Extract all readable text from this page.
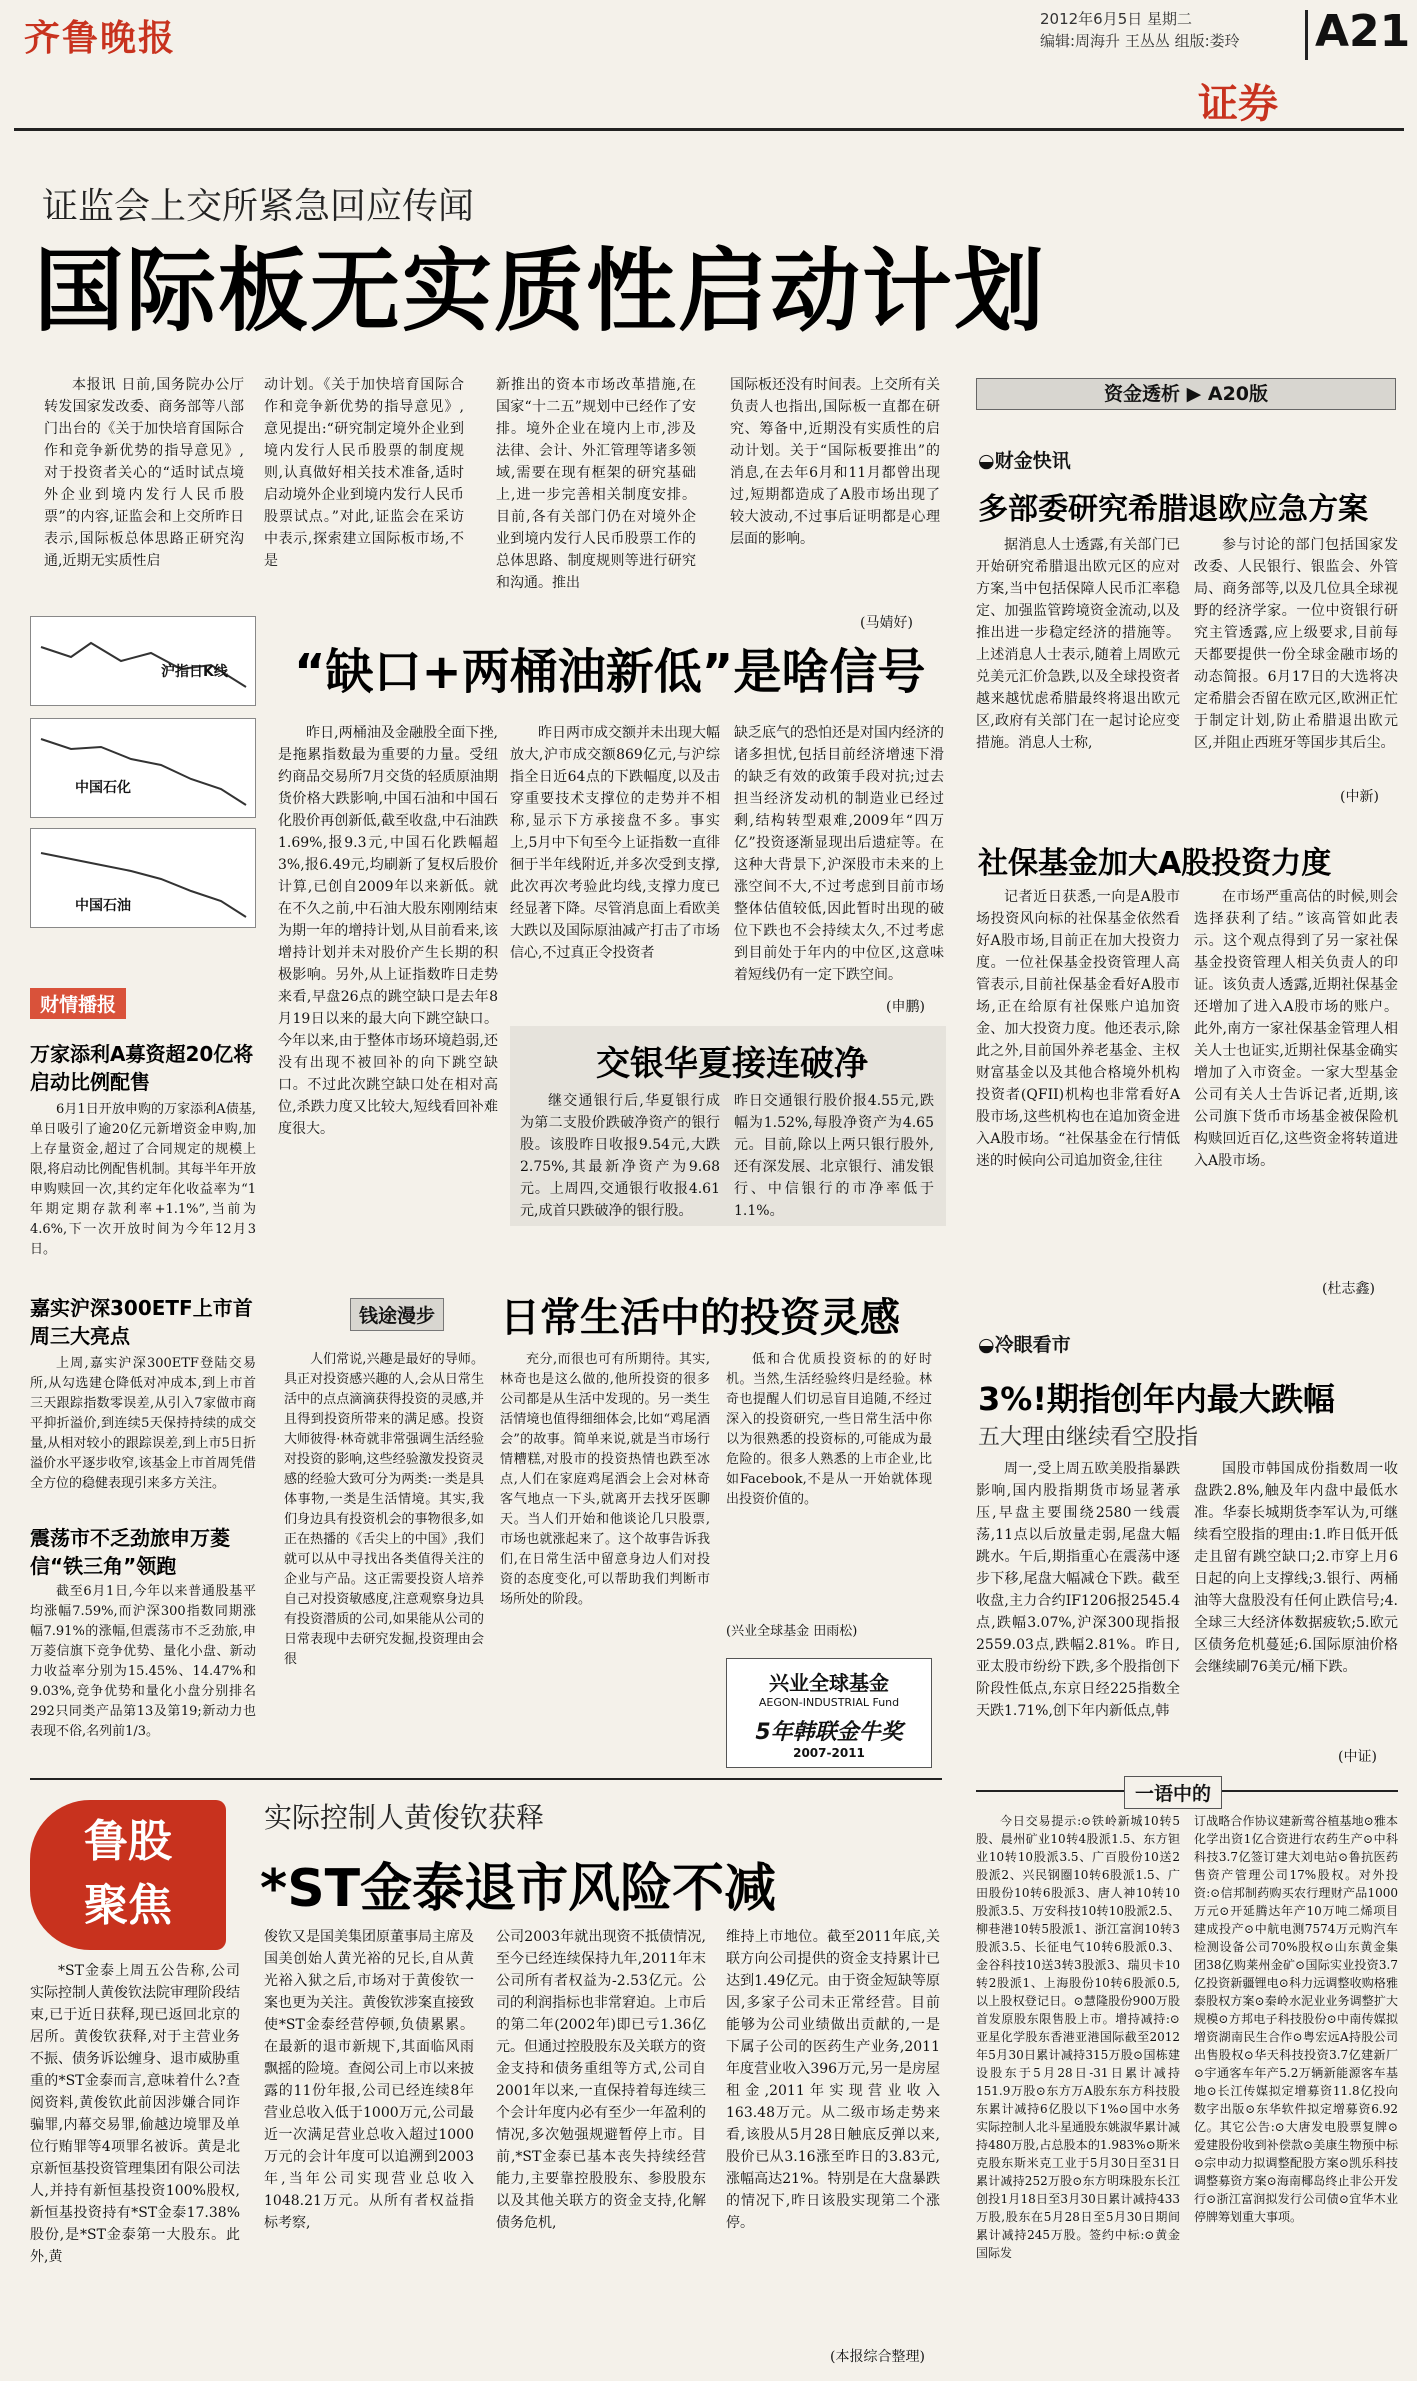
齐鲁晚报	2012年6月5日 星期二
编辑:周海升 王丛丛 组版:娄玲 A21
证券
证监会上交所紧急回应传闻
国际板无实质性启动计划
本报讯 日前,国务院办公厅转发国家发改委、商务部等八部门出台的《关于加快培育国际合作和竞争新优势的指导意见》,对于投资者关心的“适时试点境外企业到境内发行人民币股票”的内容,证监会和上交所昨日表示,国际板总体思路正研究沟通,近期无实质性启
动计划。《关于加快培育国际合作和竞争新优势的指导意见》,意见提出:“研究制定境外企业到境内发行人民币股票的制度规则,认真做好相关技术准备,适时启动境外企业到境内发行人民币股票试点。”对此,证监会在采访中表示,探索建立国际板市场,不是
新推出的资本市场改革措施,在国家“十二五”规划中已经作了安排。境外企业在境内上市,涉及法律、会计、外汇管理等诸多领域,需要在现有框架的研究基础上,进一步完善相关制度安排。目前,各有关部门仍在对境外企业到境内发行人民币股票工作的总体思路、制度规则等进行研究和沟通。推出
国际板还没有时间表。上交所有关负责人也指出,国际板一直都在研究、筹备中,近期没有实质性的启动计划。关于“国际板要推出”的消息,在去年6月和11月都曾出现过,短期都造成了A股市场出现了较大波动,不过事后证明都是心理层面的影响。
(马婧好)
资金透析 ▶ A20版
◒财金快讯
多部委研究希腊退欧应急方案
据消息人士透露,有关部门已开始研究希腊退出欧元区的应对方案,当中包括保障人民币汇率稳定、加强监管跨境资金流动,以及推出进一步稳定经济的措施等。上述消息人士表示,随着上周欧元兑美元汇价急跌,以及全球投资者越来越忧虑希腊最终将退出欧元区,政府有关部门在一起讨论应变措施。消息人士称,
参与讨论的部门包括国家发改委、人民银行、银监会、外管局、商务部等,以及几位具全球视野的经济学家。一位中资银行研究主管透露,应上级要求,目前每天都要提供一份全球金融市场的动态简报。6月17日的大选将决定希腊会否留在欧元区,欧洲正忙于制定计划,防止希腊退出欧元区,并阻止西班牙等国步其后尘。
(中新)
社保基金加大A股投资力度
记者近日获悉,一向是A股市场投资风向标的社保基金依然看好A股市场,目前正在加大投资力度。一位社保基金投资管理人高管表示,目前社保基金看好A股市场,正在给原有社保账户追加资金、加大投资力度。他还表示,除此之外,目前国外养老基金、主权财富基金以及其他合格境外机构投资者(QFII)机构也非常看好A股市场,这些机构也在追加资金进入A股市场。“社保基金在行情低迷的时候向公司追加资金,往往
在市场严重高估的时候,则会选择获利了结。”该高管如此表示。这个观点得到了另一家社保基金投资管理人相关负责人的印证。该负责人透露,近期社保基金还增加了进入A股市场的账户。此外,南方一家社保基金管理人相关人士也证实,近期社保基金确实增加了入市资金。一家大型基金公司有关人士告诉记者,近期,该公司旗下货币市场基金被保险机构赎回近百亿,这些资金将转道进入A股市场。
(杜志鑫)
沪指日K线
中国石化
中国石油
“缺口+两桶油新低”是啥信号
昨日,两桶油及金融股全面下挫,是拖累指数最为重要的力量。受纽约商品交易所7月交货的轻质原油期货价格大跌影响,中国石油和中国石化股价再创新低,截至收盘,中石油跌1.69%,报9.3元,中国石化跌幅超3%,报6.49元,均刷新了复权后股价计算,已创自2009年以来新低。就在不久之前,中石油大股东刚刚结束为期一年的增持计划,从目前看来,该增持计划并未对股价产生长期的积极影响。另外,从上证指数昨日走势来看,早盘26点的跳空缺口是去年8月19日以来的最大向下跳空缺口。今年以来,由于整体市场环境趋弱,还没有出现不被回补的向下跳空缺口。不过此次跳空缺口处在相对高位,杀跌力度又比较大,短线看回补难度很大。
昨日两市成交额并未出现大幅放大,沪市成交额869亿元,与沪综指全日近64点的下跌幅度,以及击穿重要技术支撑位的走势并不相称,显示下方承接盘不多。事实上,5月中下旬至今上证指数一直徘徊于半年线附近,并多次受到支撑,此次再次考验此均线,支撑力度已经显著下降。尽管消息面上看欧美大跌以及国际原油减产打击了市场信心,不过真正令投资者
缺乏底气的恐怕还是对国内经济的诸多担忧,包括目前经济增速下滑的缺乏有效的政策手段对抗;过去担当经济发动机的制造业已经过剩,结构转型艰难,2009年“四万亿”投资逐渐显现出后遗症等。在这种大背景下,沪深股市未来的上涨空间不大,不过考虑到目前市场整体估值较低,因此暂时出现的破位下跌也不会持续太久,不过考虑到目前处于年内的中位区,这意味着短线仍有一定下跌空间。
(申鹏)
交银华夏接连破净
继交通银行后,华夏银行成为第二支股价跌破净资产的银行股。该股昨日收报9.54元,大跌2.75%,其最新净资产为9.68元。上周四,交通银行收报4.61元,成首只跌破净的银行股。
昨日交通银行股价报4.55元,跌幅为1.52%,每股净资产为4.65元。目前,除以上两只银行股外,还有深发展、北京银行、浦发银行、中信银行的市净率低于1.1%。
财情播报
万家添利A募资超20亿将启动比例配售
6月1日开放申购的万家添利A债基,单日吸引了逾20亿元新增资金申购,加上存量资金,超过了合同规定的规模上限,将启动比例配售机制。其每半年开放申购赎回一次,其约定年化收益率为“1年期定期存款利率+1.1%”,当前为4.6%,下一次开放时间为今年12月3日。
嘉实沪深300ETF上市首周三大亮点
上周,嘉实沪深300ETF登陆交易所,从勾选建仓降低对冲成本,到上市首三天跟踪指数零误差,从引入7家做市商平抑折溢价,到连续5天保持持续的成交量,从相对较小的跟踪误差,到上市5日折溢价水平逐步收窄,该基金上市首周凭借全方位的稳健表现引来多方关注。
震荡市不乏劲旅申万菱信“铁三角”领跑
截至6月1日,今年以来普通股基平均涨幅7.59%,而沪深300指数同期涨幅7.91%的涨幅,但震荡市不乏劲旅,申万菱信旗下竞争优势、量化小盘、新动力收益率分别为15.45%、14.47%和9.03%,竞争优势和量化小盘分别排名292只同类产品第13及第19;新动力也表现不俗,名列前1/3。
钱途漫步 日常生活中的投资灵感
人们常说,兴趣是最好的导师。具正对投资感兴趣的人,会从日常生活中的点点滴滴获得投资的灵感,并且得到投资所带来的满足感。投资大师彼得·林奇就非常强调生活经验对投资的影响,这些经验激发投资灵感的经验大致可分为两类:一类是具体事物,一类是生活情境。其实,我们身边具有投资机会的事物很多,如正在热播的《舌尖上的中国》,我们就可以从中寻找出各类值得关注的企业与产品。这正需要投资人培养自己对投资敏感度,注意观察身边具有投资潜质的公司,如果能从公司的日常表现中去研究发掘,投资理由会很
充分,而很也可有所期待。其实,林奇也是这么做的,他所投资的很多公司都是从生活中发现的。另一类生活情境也值得细细体会,比如“鸡尾酒会”的故事。简单来说,就是当市场行情糟糕,对股市的投资热情也跌至冰点,人们在家庭鸡尾酒会上会对林奇客气地点一下头,就离开去找牙医聊天。当人们开始和他谈论几只股票,市场也就涨起来了。这个故事告诉我们,在日常生活中留意身边人们对投资的态度变化,可以帮助我们判断市场所处的阶段。
低和合优质投资标的的好时机。当然,生活经验终归是经验。林奇也提醒人们切忌盲目追随,不经过深入的投资研究,一些日常生活中你以为很熟悉的投资标的,可能成为最危险的。很多人熟悉的上市企业,比如Facebook,不是从一开始就体现出投资价值的。
(兴业全球基金 田雨松)
兴业全球基金
AEGON-INDUSTRIAL Fund
5年韩联金牛奖
2007-2011
◒冷眼看市
3%!期指创年内最大跌幅
五大理由继续看空股指
周一,受上周五欧美股指暴跌影响,国内股指期货市场显著承压,早盘主要围绕2580一线震荡,11点以后放量走弱,尾盘大幅跳水。午后,期指重心在震荡中逐步下移,尾盘大幅减仓下跌。截至收盘,主力合约IF1206报2545.4点,跌幅3.07%,沪深300现指报2559.03点,跌幅2.81%。昨日,亚太股市纷纷下跌,多个股指创下阶段性低点,东京日经225指数全天跌1.71%,创下年内新低点,韩
国股市韩国成份指数周一收盘跌2.8%,触及年内盘中最低水准。华泰长城期货李军认为,可继续看空股指的理由:1.昨日低开低走且留有跳空缺口;2.市穿上月6日起的向上支撑线;3.银行、两桶油等大盘股没有任何止跌信号;4.全球三大经济体数据疲软;5.欧元区债务危机蔓延;6.国际原油价格会继续刷76美元/桶下跌。
(中证)
一语中的
今日交易提示:⊙铁岭新城10转5股、晨州矿业10转4股派1.5、东方钽业10转10股派3.5、广百股份10送2股派2、兴民钢圈10转6股派1.5、广田股份10转6股派3、唐人神10转10股派3.5、万安科技10转10股派2.5、柳巷港10转5股派1、浙江富润10转3股派3.5、长征电气10转6股派0.3、金谷科技10送3转3股派3、瑞贝卡10转2股派1、上海股份10转6股派0.5,以上股权登记日。⊙慧隆股份900万股首发原股东限售股上市。增持减持:⊙亚星化学股东香港亚港国际截至2012年5月30日累计减持315万股⊙国栋建设股东于5月28日-31日累计减持151.9万股⊙东方万A股东东方科技股东累计减持6亿股以下1%⊙国中水务实际控制人北斗星通股东姚淑华累计减持480万股,占总股本的1.983%⊙斯米克股东斯米克工业于5月30日至31日累计减持252万股⊙东方明珠股东长江创投1月18日至3月30日累计减持433万股,股东在5月28日至5月30日期间累计减持245万股。签约中标:⊙黄金国际发
订战略合作协议建新莺谷植基地⊙雅本化学出资1亿合资进行农药生产⊙中科科技3.7亿签订建大刘电站⊙鲁抗医药售资产管理公司17%股权。对外投资:⊙信邦制药购买农行理财产品1000万元⊙开延腾达年产10万吨二烯项目建成投产⊙中航电测7574万元购汽车检测设备公司70%股权⊙山东黄金集团38亿购莱州金矿⊙国际实业投资3.7亿投资新疆锂电⊙科力远调整收购格雅泰股权方案⊙秦岭水泥业业务调整扩大规模⊙方邦电子科技股份⊙中南传媒拟增资湖南民生合作⊙粤宏远A持股公司出售股权⊙华天科技投资3.7亿建新厂⊙宇通客车年产5.2万辆新能源客车基地⊙长江传媒拟定增募资11.8亿投向数字出版⊙东华软件拟定增募资6.92亿。其它公告:⊙大唐发电股票复牌⊙爱建股份收到补偿款⊙美康生物预中标⊙宗申动力拟调整配股方案⊙凯乐科技调整募资方案⊙海南椰岛终止非公开发行⊙浙江富润拟发行公司债⊙宜华木业停牌筹划重大事项。
鲁股
聚焦
实际控制人黄俊钦获释
*ST金泰退市风险不减
*ST金泰上周五公告称,公司实际控制人黄俊钦法院审理阶段结束,已于近日获释,现已返回北京的居所。黄俊钦获释,对于主营业务不振、债务诉讼缠身、退市威胁重重的*ST金泰而言,意味着什么?查阅资料,黄俊钦此前因涉嫌合同诈骗罪,内幕交易罪,偷越边境罪及单位行贿罪等4项罪名被诉。黄是北京新恒基投资管理集团有限公司法人,并持有新恒基投资100%股权,新恒基投资持有*ST金泰17.38%股份,是*ST金泰第一大股东。此外,黄
俊钦又是国美集团原董事局主席及国美创始人黄光裕的兄长,自从黄光裕入狱之后,市场对于黄俊钦一案也更为关注。黄俊钦涉案直接致使*ST金泰经营停顿,负债累累。在最新的退市新规下,其面临风雨飘摇的险境。查阅公司上市以来披露的11份年报,公司已经连续8年营业总收入低于1000万元,公司最近一次满足营业总收入超过1000万元的会计年度可以追溯到2003年,当年公司实现营业总收入1048.21万元。从所有者权益指标考察,
公司2003年就出现资不抵债情况,至今已经连续保持九年,2011年末公司所有者权益为-2.53亿元。公司的利润指标也非常窘迫。上市后的第二年(2002年)即已亏1.36亿元。但通过控股股东及关联方的资金支持和债务重组等方式,公司自2001年以来,一直保持着每连续三个会计年度内必有至少一年盈利的情况,多次勉强规避暂停上市。目前,*ST金泰已基本丧失持续经营能力,主要靠控股股东、参股股东以及其他关联方的资金支持,化解债务危机,
维持上市地位。截至2011年底,关联方向公司提供的资金支持累计已达到1.49亿元。由于资金短缺等原因,多家子公司未正常经营。目前能够为公司业绩做出贡献的,一是下属子公司的医药生产业务,2011年度营业收入396万元,另一是房屋租金,2011年实现营业收入163.48万元。从二级市场走势来看,该股从5月28日触底反弹以来,股价已从3.16涨至昨日的3.83元,涨幅高达21%。特别是在大盘暴跌的情况下,昨日该股实现第二个涨停。
(本报综合整理)
